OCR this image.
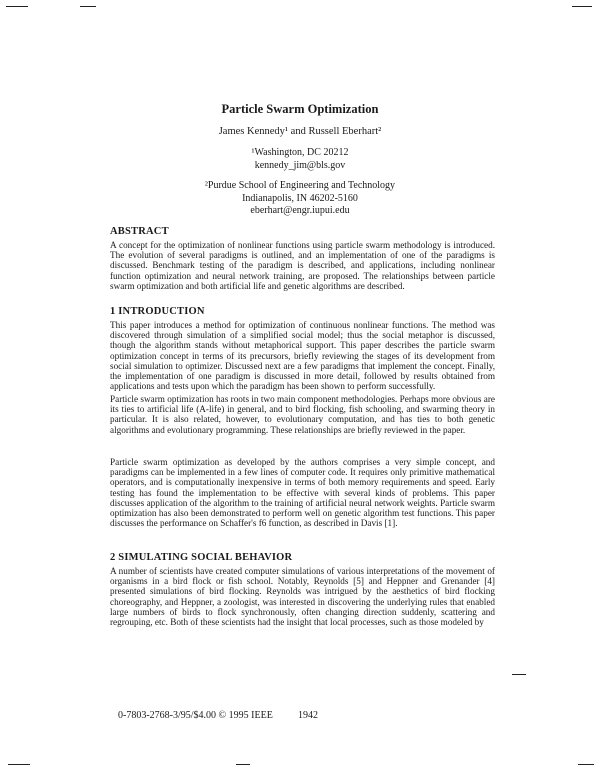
Particle Swarm Optimization
James Kennedy¹ and Russell Eberhart²
¹Washington, DC 20212
kennedy_jim@bls.gov
²Purdue School of Engineering and Technology
Indianapolis, IN 46202-5160
eberhart@engr.iupui.edu
ABSTRACT

A concept for the optimization of nonlinear functions using particle swarm methodology is introduced. The evolution of several paradigms is outlined, and an implementation of one of the paradigms is discussed. Benchmark testing of the paradigm is described, and applications, including nonlinear function optimization and neural network training, are proposed. The relationships between particle swarm optimization and both artificial life and genetic algorithms are described.

1 INTRODUCTION

This paper introduces a method for optimization of continuous nonlinear functions. The method was discovered through simulation of a simplified social model; thus the social metaphor is discussed, though the algorithm stands without metaphorical support. This paper describes the particle swarm optimization concept in terms of its precursors, briefly reviewing the stages of its development from social simulation to optimizer. Discussed next are a few paradigms that implement the concept. Finally, the implementation of one paradigm is discussed in more detail, followed by results obtained from applications and tests upon which the paradigm has been shown to perform successfully.

Particle swarm optimization has roots in two main component methodologies. Perhaps more obvious are its ties to artificial life (A-life) in general, and to bird flocking, fish schooling, and swarming theory in particular. It is also related, however, to evolutionary computation, and has ties to both genetic algorithms and evolutionary programming. These relationships are briefly reviewed in the paper.

Particle swarm optimization as developed by the authors comprises a very simple concept, and paradigms can be implemented in a few lines of computer code. It requires only primitive mathematical operators, and is computationally inexpensive in terms of both memory requirements and speed. Early testing has found the implementation to be effective with several kinds of problems. This paper discusses application of the algorithm to the training of artificial neural network weights. Particle swarm optimization has also been demonstrated to perform well on genetic algorithm test functions. This paper discusses the performance on Schaffer's f6 function, as described in Davis [1].

2 SIMULATING SOCIAL BEHAVIOR

A number of scientists have created computer simulations of various interpretations of the movement of organisms in a bird flock or fish school. Notably, Reynolds [5] and Heppner and Grenander [4] presented simulations of bird flocking. Reynolds was intrigued by the aesthetics of bird flocking choreography, and Heppner, a zoologist, was interested in discovering the underlying rules that enabled large numbers of birds to flock synchronously, often changing direction suddenly, scattering and regrouping, etc. Both of these scientists had the insight that local processes, such as those modeled by

0-7803-2768-3/95/$4.00 © 1995 IEEE	1942
